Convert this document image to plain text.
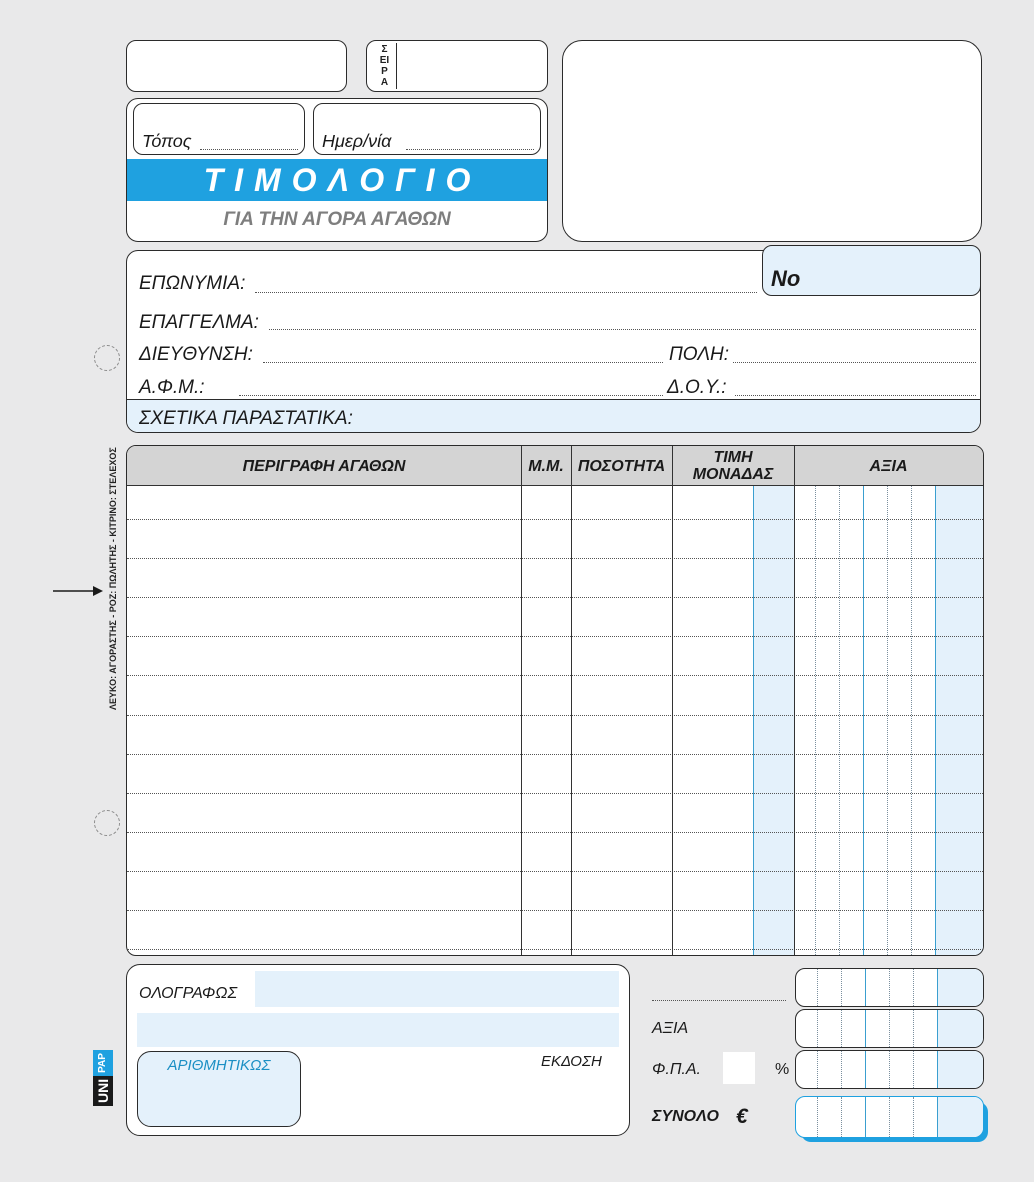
ΣΕΙΡΑ
Τόπος	Ημερ/νία
ΤΙΜΟΛΟΓΙΟ
ΓΙΑ ΤΗΝ ΑΓΟΡΑ ΑΓΑΘΩΝ
ΕΠΩΝΥΜΙΑ:
ΕΠΑΓΓΕΛΜΑ:
ΔΙΕΥΘΥΝΣΗ:	ΠΟΛΗ:
Α.Φ.Μ.:	Δ.Ο.Υ.:
ΣΧΕΤΙΚΑ ΠΑΡΑΣΤΑΤΙΚΑ:
No
ΛΕΥΚΟ: ΑΓΟΡΑΣΤΗΣ - ΡΟΖ: ΠΩΛΗΤΗΣ - ΚΙΤΡΙΝΟ: ΣΤΕΛΕΧΟΣ	ΠΕΡΙΓΡΑΦΗ ΑΓΑΘΩΝ	Μ.Μ. ΠΟΣΟΤΗΤΑ	ΤΙΜΗ
ΜΟΝΑΔΑΣ	ΑΞΙΑ
ΟΛΟΓΡΑΦΩΣ
ΑΡΙΘΜΗΤΙΚΩΣ	ΕΚΔΟΣΗ
UNI
PAP
ΑΞΙΑ
Φ.Π.Α.	%
ΣΥΝΟΛΟ €
